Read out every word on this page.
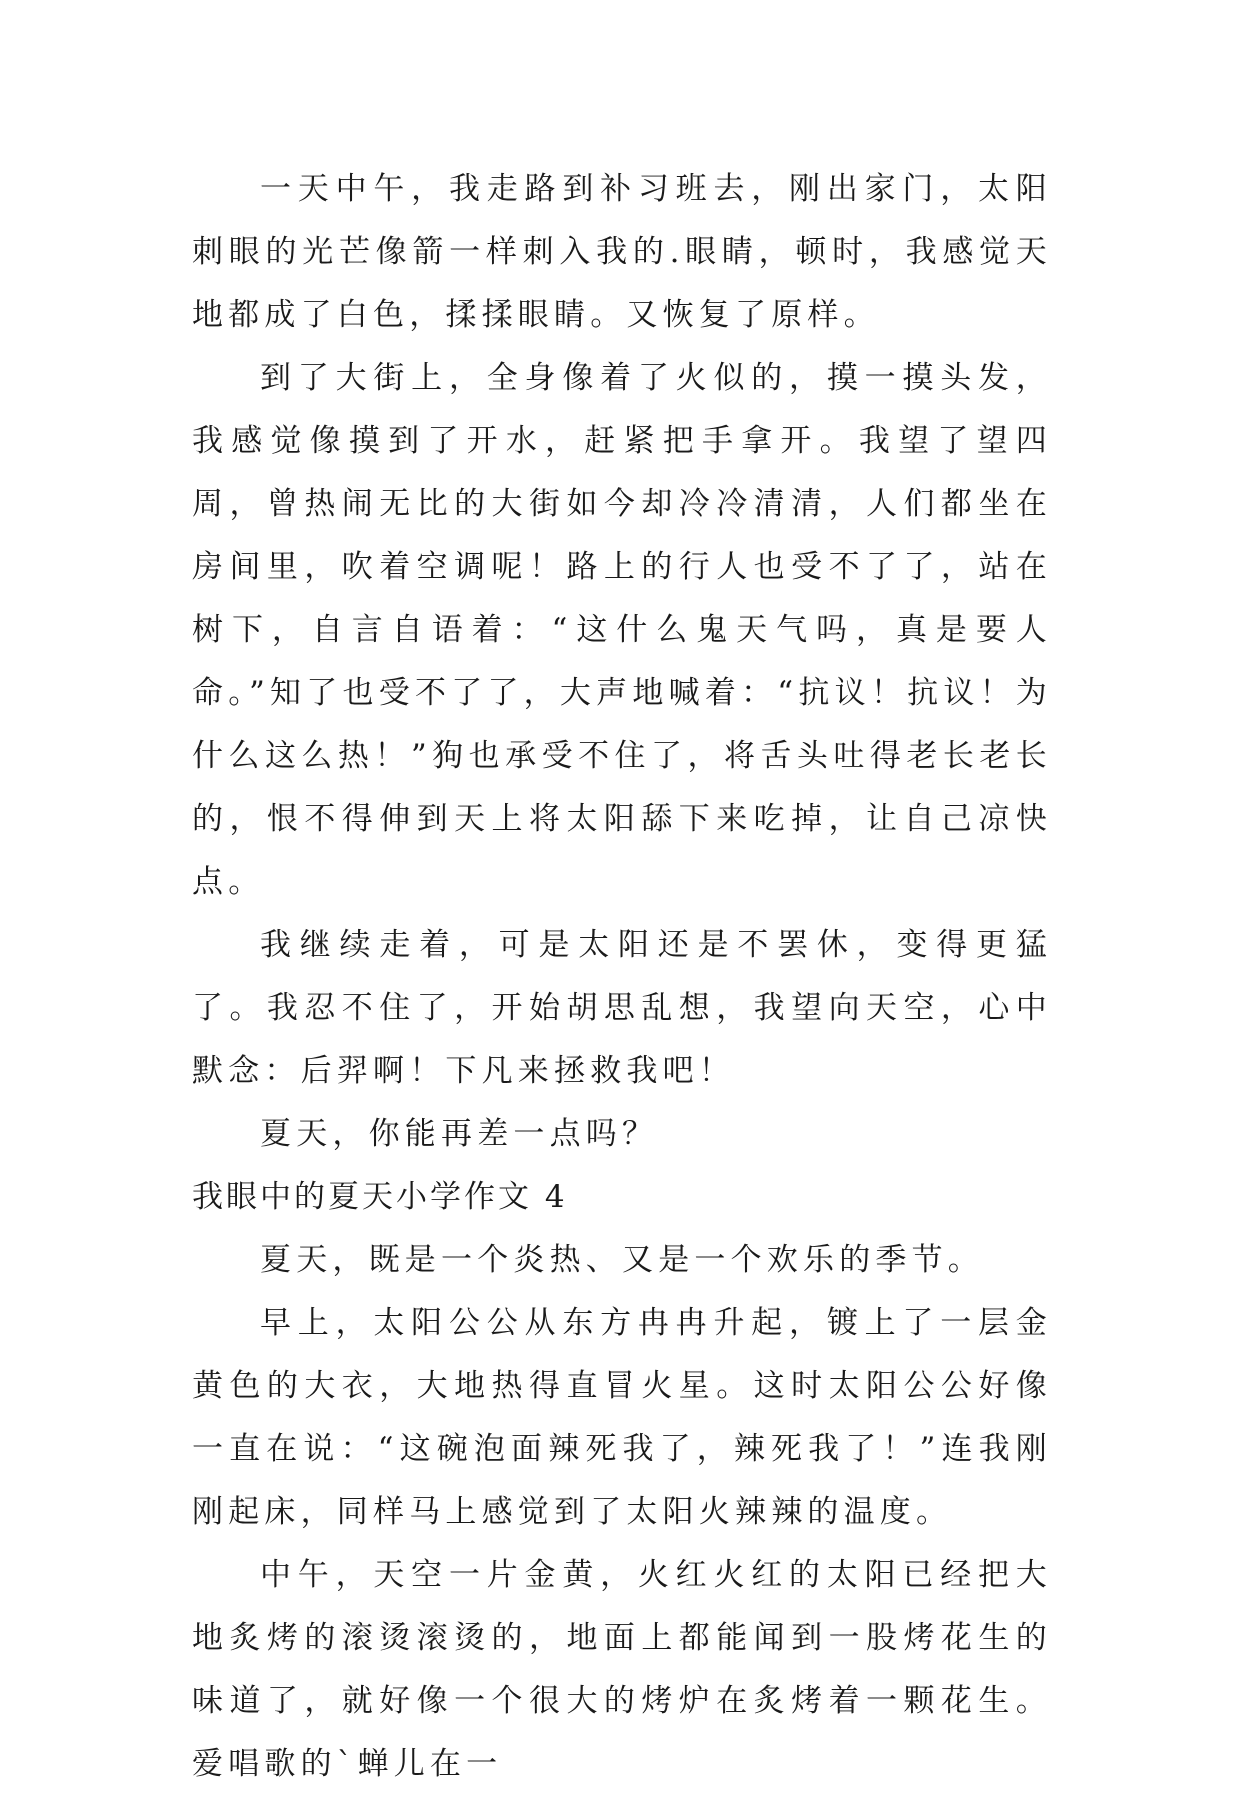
一天中午，我走路到补习班去，刚出家门，太阳刺眼的光芒像箭一样刺入我的.眼睛，顿时，我感觉天地都成了白色，揉揉眼睛。又恢复了原样。

到了大街上，全身像着了火似的，摸一摸头发，我感觉像摸到了开水，赶紧把手拿开。我望了望四周，曾热闹无比的大街如今却冷冷清清，人们都坐在房间里，吹着空调呢！路上的行人也受不了了，站在树下，自言自语着：“这什么鬼天气吗，真是要人命。”知了也受不了了，大声地喊着：“抗议！抗议！为什么这么热！”狗也承受不住了，将舌头吐得老长老长的，恨不得伸到天上将太阳舔下来吃掉，让自己凉快点。

我继续走着，可是太阳还是不罢休，变得更猛了。我忍不住了，开始胡思乱想，我望向天空，心中默念：后羿啊！下凡来拯救我吧！

夏天，你能再差一点吗？

我眼中的夏天小学作文 4

夏天，既是一个炎热、又是一个欢乐的季节。

早上，太阳公公从东方冉冉升起，镀上了一层金黄色的大衣，大地热得直冒火星。这时太阳公公好像一直在说：“这碗泡面辣死我了，辣死我了！”连我刚刚起床，同样马上感觉到了太阳火辣辣的温度。

中午，天空一片金黄，火红火红的太阳已经把大地炙烤的滚烫滚烫的，地面上都能闻到一股烤花生的味道了，就好像一个很大的烤炉在炙烤着一颗花生。爱唱歌的`蝉儿在一
